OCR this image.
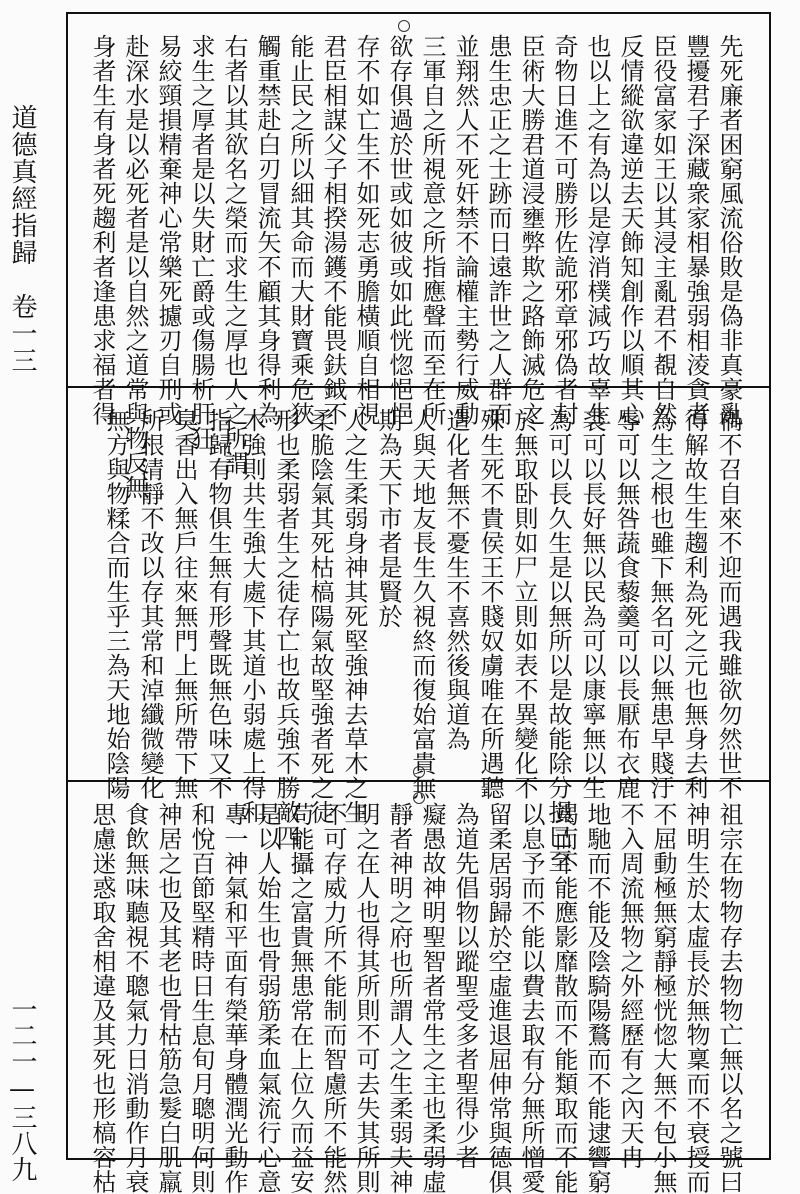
道德真經指歸　卷一三
一二一—三八九
先死廉者困窮風流俗敗是偽非真豪亂
豐擾君子深藏衆家相暴強弱相淩貪者
臣役富家如王以其浸主亂君不覩自然
反情縱欲違逆去天飾知創作以順其心
也以上之有為以是淳消樸減巧故辜生
奇物日進不可勝形佐詭邪章邪偽者封
臣術大勝君道浸壅弊欺之路飾滅危之
患生忠正之士跡而日遠詐世之人群而
並翔然人不死奸禁不論權主勢行威動
三軍自之所視意之所指應聲而至在所
欲存俱過於世或如彼或如此恍惚悒悒
存不如亡生不如死志勇膽橫順自相視
君臣相謀父子相揆湯鑊不能畏鈇鉞不
能止民之所以細其命而大財寶乘危狹
觸重禁赴白刃冒流矢不顧其身得利為
右者以其欲名之榮而求生之厚也人之所謂
求生之厚者是以失財亡爵或傷腸析肝狂
易絞頸損精棄神心常樂死攄刃自刑或
赴深水是以必死者是以自然之道常與物反無
身者生有身者死趨利者逢患求福者得
禍不召自來不迎而遇我雖欲勿然世不
得解故生生趨利為死之元也無身去利
為生之根也雖下無名可以無患早賤汙
辱可以無咎蔬食藜羹可以長厭布衣鹿
裘可以長好無以民為可以康寧無以生
為可以長久生是以無所以是故能除分損巳至
於無取卧則如尸立則如表不異變化不
殊生死不貴侯王不賤奴虜唯在所遇聽
造化者無不憂生不喜然後與道為
人與天地友長生久視終而復始富貴無
期為天下市者是賢於
人之生柔弱身神其死堅強神去草木之生
柔脆陰氣其死枯槁陽氣故堅強者死之徒
形也柔弱者生之徒存亡也故兵強不勝敵四
木強則共生強大處下其道小弱處上得和
指歸有物俱生無有形聲既無色味又不
臭香出入無戶往來無門上無所帶下無
所根清靜不改以存其常和淖纖微變化
無方與物糅合而生乎三為天地始陰陽
祖宗在物物存去物物亡無以名之號曰
神明生於太虛長於無物稟而不衰授而
不屈動極無窮靜極恍惚大無不包小無
不入周流無物之外經歷有之內天冉
地馳而不能及陰騎陽鶩而不能逮響窮
竭而不能應影靡散而不能類取而不能
以息予而不能以費去取有分無所憎愛
留柔居弱歸於空虛進退屈伸常與德俱
為道先倡物以蹤聖受多者聖得少者
癡愚故神明聖智者常生之主也柔弱虛
靜者神明之府也所謂人之生柔弱夫神
明之在人也得其所則不可去失其所則
不可存威力所不能制而智慮所不能然
苟能攝之富貴無患常在上位久而益安
是以人始生也骨弱筋柔血氣流行心意
專一神氣和平面有榮華身體潤光動作
和悅百節堅精時日生息旬月聰明何則
神居之也及其老也骨枯筋急髮白肌羸
食飲無味聽視不聰氣力日消動作月衰
思慮迷惑取舍相違及其死也形槁容枯
